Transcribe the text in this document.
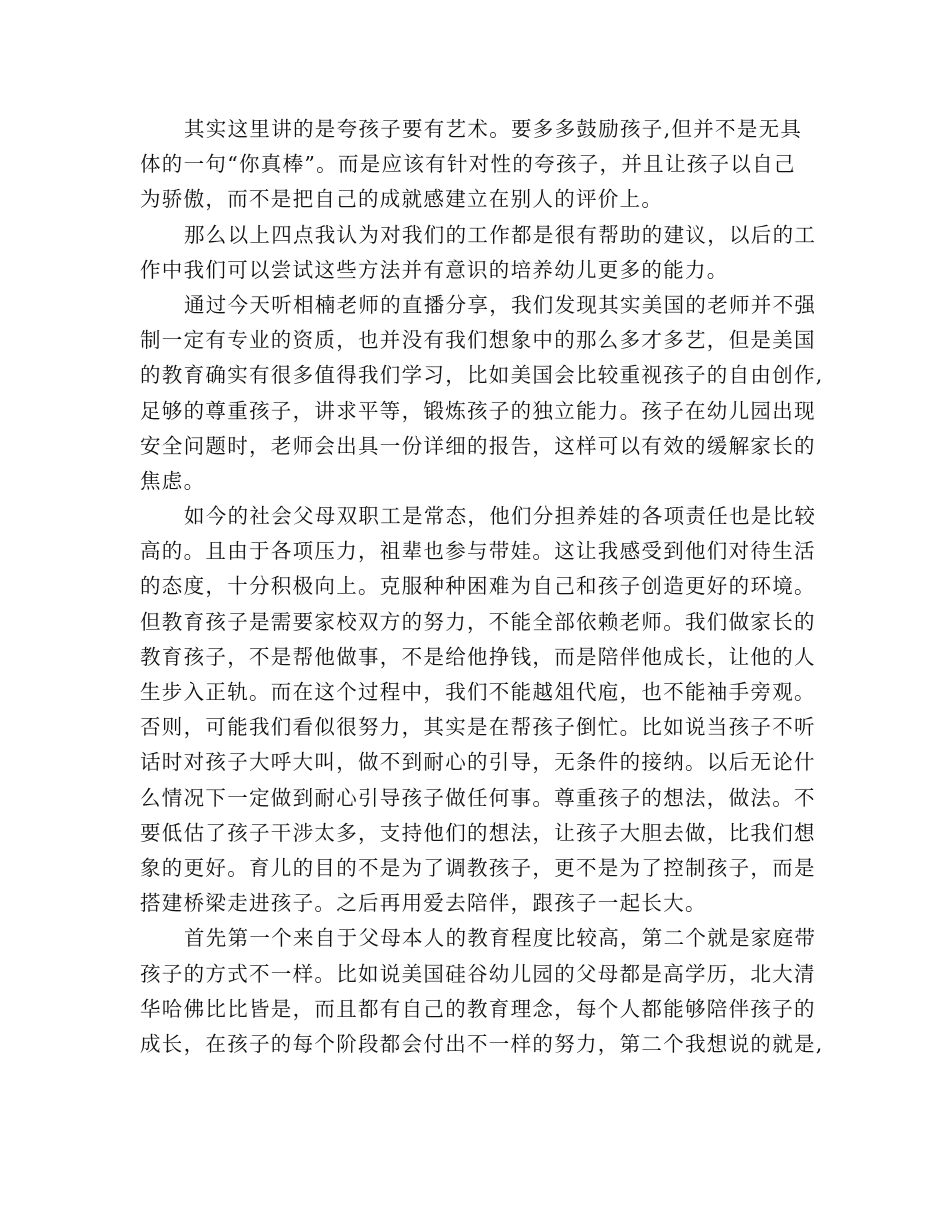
其实这里讲的是夸孩子要有艺术。要多多鼓励孩子,但并不是无具
体的一句“你真棒”。而是应该有针对性的夸孩子，并且让孩子以自己
为骄傲，而不是把自己的成就感建立在别人的评价上。
那么以上四点我认为对我们的工作都是很有帮助的建议，以后的工
作中我们可以尝试这些方法并有意识的培养幼儿更多的能力。
通过今天听相楠老师的直播分享，我们发现其实美国的老师并不强
制一定有专业的资质，也并没有我们想象中的那么多才多艺，但是美国
的教育确实有很多值得我们学习，比如美国会比较重视孩子的自由创作,
足够的尊重孩子，讲求平等，锻炼孩子的独立能力。孩子在幼儿园出现
安全问题时，老师会出具一份详细的报告，这样可以有效的缓解家长的
焦虑。
如今的社会父母双职工是常态，他们分担养娃的各项责任也是比较
高的。且由于各项压力，祖辈也参与带娃。这让我感受到他们对待生活
的态度，十分积极向上。克服种种困难为自己和孩子创造更好的环境。
但教育孩子是需要家校双方的努力，不能全部依赖老师。我们做家长的
教育孩子，不是帮他做事，不是给他挣钱，而是陪伴他成长，让他的人
生步入正轨。而在这个过程中，我们不能越俎代庖，也不能袖手旁观。
否则，可能我们看似很努力，其实是在帮孩子倒忙。比如说当孩子不听
话时对孩子大呼大叫，做不到耐心的引导，无条件的接纳。以后无论什
么情况下一定做到耐心引导孩子做任何事。尊重孩子的想法，做法。不
要低估了孩子干涉太多，支持他们的想法，让孩子大胆去做，比我们想
象的更好。育儿的目的不是为了调教孩子，更不是为了控制孩子，而是
搭建桥梁走进孩子。之后再用爱去陪伴，跟孩子一起长大。
首先第一个来自于父母本人的教育程度比较高，第二个就是家庭带
孩子的方式不一样。比如说美国硅谷幼儿园的父母都是高学历，北大清
华哈佛比比皆是，而且都有自己的教育理念，每个人都能够陪伴孩子的
成长，在孩子的每个阶段都会付出不一样的努力，第二个我想说的就是,
